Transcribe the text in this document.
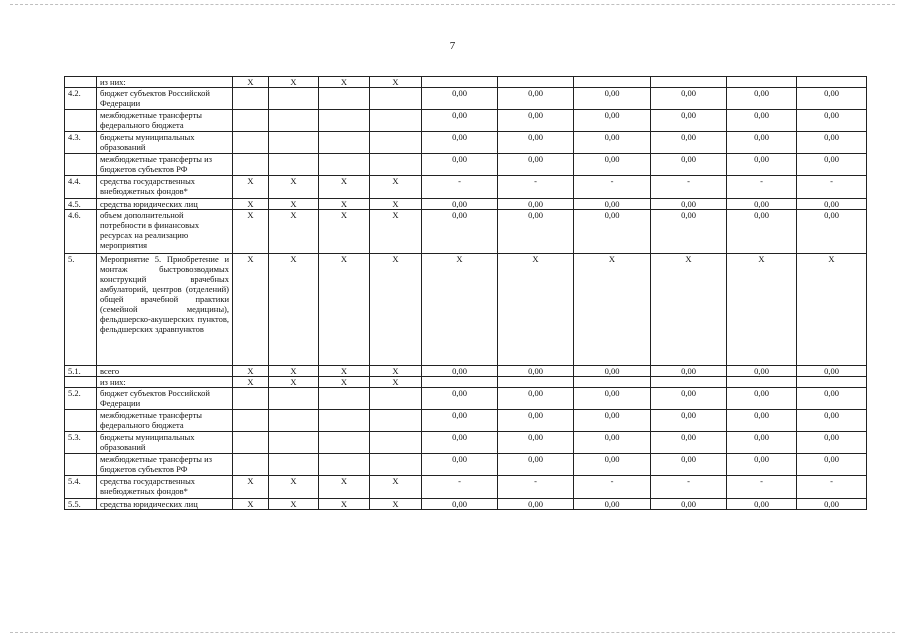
7
	из них:	X	X	X	X						
4.2.	бюджет субъектов Российской Федерации					0,00	0,00	0,00	0,00	0,00	0,00
	межбюджетные трансферты федерального бюджета					0,00	0,00	0,00	0,00	0,00	0,00
4.3.	бюджеты муниципальных образований					0,00	0,00	0,00	0,00	0,00	0,00
	межбюджетные трансферты из бюджетов субъектов РФ					0,00	0,00	0,00	0,00	0,00	0,00
4.4.	средства государственных внебюджетных фондов*	X	X	X	X	-	-	-	-	-	-
4.5.	средства юридических лиц	X	X	X	X	0,00	0,00	0,00	0,00	0,00	0,00
4.6.	объем дополнительной потребности в финансовых ресурсах на реализацию мероприятия	X	X	X	X	0,00	0,00	0,00	0,00	0,00	0,00
5.	Мероприятие 5. Приобретение и монтаж быстровозводимых конструкций врачебных амбулаторий, центров (отделений) общей врачебной практики (семейной медицины), фельдшерско-акушерских пунктов, фельдшерских здравпунктов	X	X	X	X	X	X	X	X	X	X
5.1.	всего	X	X	X	X	0,00	0,00	0,00	0,00	0,00	0,00
	из них:	X	X	X	X						
5.2.	бюджет субъектов Российской Федерации					0,00	0,00	0,00	0,00	0,00	0,00
	межбюджетные трансферты федерального бюджета					0,00	0,00	0,00	0,00	0,00	0,00
5.3.	бюджеты муниципальных образований					0,00	0,00	0,00	0,00	0,00	0,00
	межбюджетные трансферты из бюджетов субъектов РФ					0,00	0,00	0,00	0,00	0,00	0,00
5.4.	средства государственных внебюджетных фондов*	X	X	X	X	-	-	-	-	-	-
5.5.	средства юридических лиц	X	X	X	X	0,00	0,00	0,00	0,00	0,00	0,00
